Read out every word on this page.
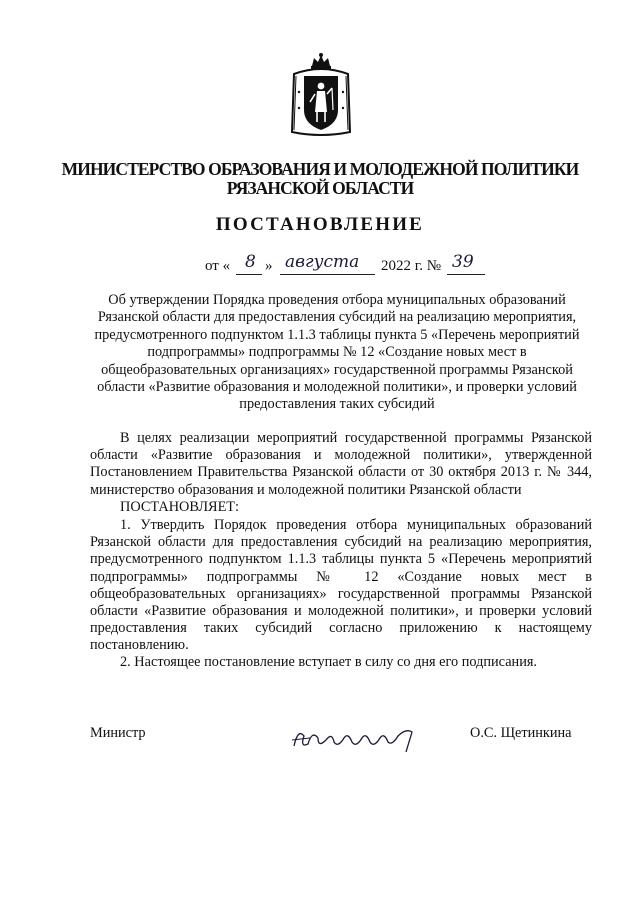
МИНИСТЕРСТВО ОБРАЗОВАНИЯ И МОЛОДЕЖНОЙ ПОЛИТИКИ
РЯЗАНСКОЙ ОБЛАСТИ
ПОСТАНОВЛЕНИЕ
от « 8 » августа 2022 г. № 39
Об утверждении Порядка проведения отбора муниципальных образований Рязанской области для предоставления субсидий на реализацию мероприятия, предусмотренного подпунктом 1.1.3 таблицы пункта 5 «Перечень мероприятий подпрограммы» подпрограммы № 12 «Создание новых мест в общеобразовательных организациях» государственной программы Рязанской области «Развитие образования и молодежной политики», и проверки условий предоставления таких субсидий
В целях реализации мероприятий государственной программы Рязанской области «Развитие образования и молодежной политики», утвержденной Постановлением Правительства Рязанской области от 30 октября 2013 г. № 344, министерство образования и молодежной политики Рязанской области
ПОСТАНОВЛЯЕТ:
1. Утвердить Порядок проведения отбора муниципальных образований Рязанской области для предоставления субсидий на реализацию мероприятия, предусмотренного подпунктом 1.1.3 таблицы пункта 5 «Перечень мероприятий подпрограммы» подпрограммы № 12 «Создание новых мест в общеобразовательных организациях» государственной программы Рязанской области «Развитие образования и молодежной политики», и проверки условий предоставления таких субсидий согласно приложению к настоящему постановлению.
2. Настоящее постановление вступает в силу со дня его подписания.
Министр	О.С. Щетинкина
